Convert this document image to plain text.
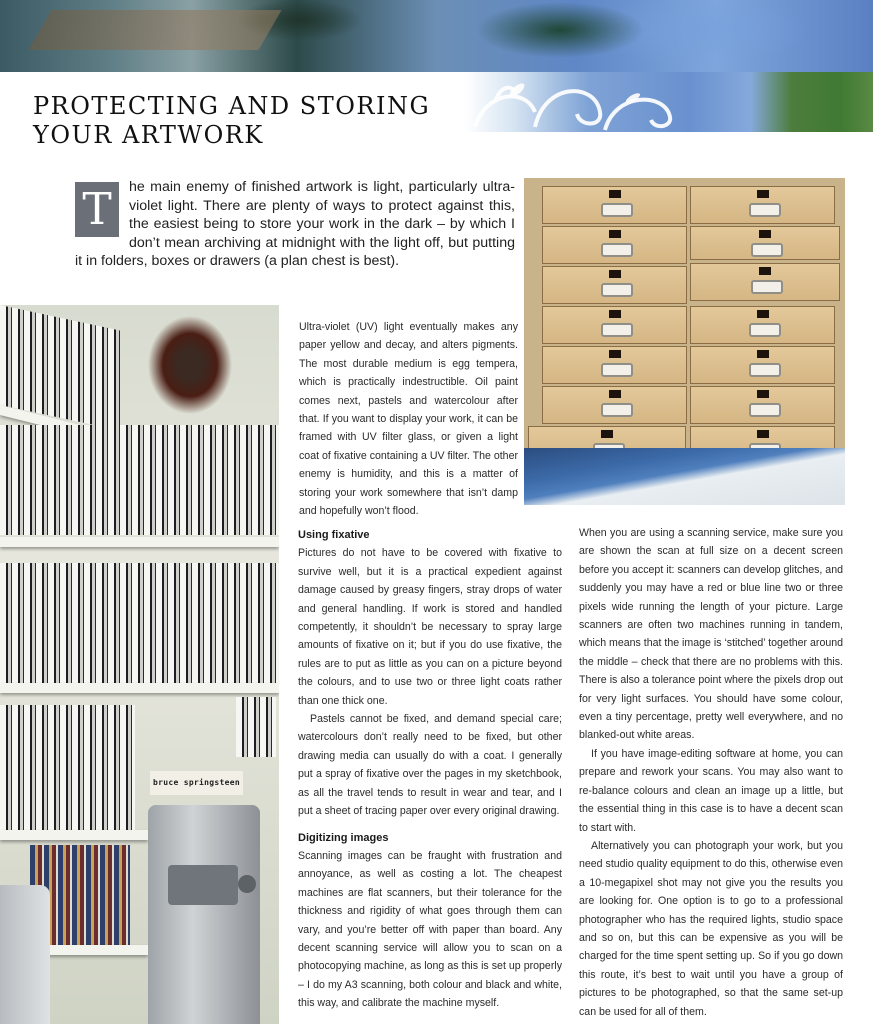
PROTECTING AND STORING
YOUR ARTWORK
T	he main enemy of finished artwork is light, particularly ultra-violet light. There are plenty of ways to protect against this, the easiest being to store your work in the dark – by which I don’t mean archiving at midnight with the light off, but putting it in folders, boxes or drawers (a plan chest is best).

bruce springsteen

Ultra-violet (UV) light eventually makes any paper yellow and decay, and alters pigments. The most durable medium is egg tempera, which is practically indestructible. Oil paint comes next, pastels and watercolour after that. If you want to display your work, it can be framed with UV filter glass, or given a light coat of fixative containing a UV filter. The other enemy is humidity, and this is a matter of storing your work somewhere that isn’t damp and hopefully won’t flood.

Using fixative

Pictures do not have to be covered with fixative to survive well, but it is a practical expedient against damage caused by greasy fingers, stray drops of water and general handling. If work is stored and handled competently, it shouldn’t be necessary to spray large amounts of fixative on it; but if you do use fixative, the rules are to put as little as you can on a picture beyond the colours, and to use two or three light coats rather than one thick one.

Pastels cannot be fixed, and demand special care; watercolours don’t really need to be fixed, but other drawing media can usually do with a coat. I generally put a spray of fixative over the pages in my sketchbook, as all the travel tends to result in wear and tear, and I put a sheet of tracing paper over every original drawing.

Digitizing images

Scanning images can be fraught with frustration and annoyance, as well as costing a lot. The cheapest machines are flat scanners, but their tolerance for the thickness and rigidity of what goes through them can vary, and you’re better off with paper than board. Any decent scanning service will allow you to scan on a photocopying machine, as long as this is set up properly – I do my A3 scanning, both colour and black and white, this way, and calibrate the machine myself.

When you are using a scanning service, make sure you are shown the scan at full size on a decent screen before you accept it: scanners can develop glitches, and suddenly you may have a red or blue line two or three pixels wide running the length of your picture. Large scanners are often two machines running in tandem, which means that the image is ‘stitched’ together around the middle – check that there are no problems with this. There is also a tolerance point where the pixels drop out for very light surfaces. You should have some colour, even a tiny percentage, pretty well everywhere, and no blanked-out white areas.

If you have image-editing software at home, you can prepare and rework your scans. You may also want to re-balance colours and clean an image up a little, but the essential thing in this case is to have a decent scan to start with.

Alternatively you can photograph your work, but you need studio quality equipment to do this, otherwise even a 10-megapixel shot may not give you the results you are looking for. One option is to go to a professional photographer who has the required lights, studio space and so on, but this can be expensive as you will be charged for the time spent setting up. So if you go down this route, it’s best to wait until you have a group of pictures to be photographed, so that the same set-up can be used for all of them.
